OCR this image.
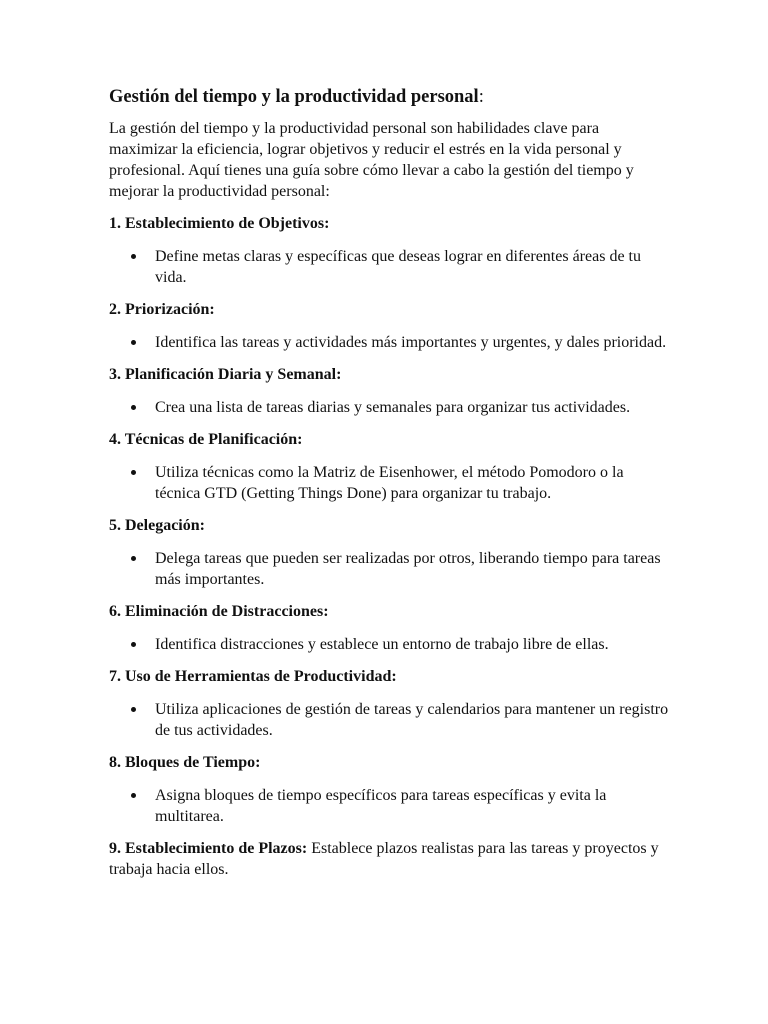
Gestión del tiempo y la productividad personal:

La gestión del tiempo y la productividad personal son habilidades clave para maximizar la eficiencia, lograr objetivos y reducir el estrés en la vida personal y profesional. Aquí tienes una guía sobre cómo llevar a cabo la gestión del tiempo y mejorar la productividad personal:

1. Establecimiento de Objetivos:
Define metas claras y específicas que deseas lograr en diferentes áreas de tu vida.
2. Priorización:
Identifica las tareas y actividades más importantes y urgentes, y dales prioridad.
3. Planificación Diaria y Semanal:
Crea una lista de tareas diarias y semanales para organizar tus actividades.
4. Técnicas de Planificación:
Utiliza técnicas como la Matriz de Eisenhower, el método Pomodoro o la técnica GTD (Getting Things Done) para organizar tu trabajo.
5. Delegación:
Delega tareas que pueden ser realizadas por otros, liberando tiempo para tareas más importantes.
6. Eliminación de Distracciones:
Identifica distracciones y establece un entorno de trabajo libre de ellas.
7. Uso de Herramientas de Productividad:
Utiliza aplicaciones de gestión de tareas y calendarios para mantener un registro de tus actividades.
8. Bloques de Tiempo:
Asigna bloques de tiempo específicos para tareas específicas y evita la multitarea.

9. Establecimiento de Plazos: Establece plazos realistas para las tareas y proyectos y trabaja hacia ellos.
